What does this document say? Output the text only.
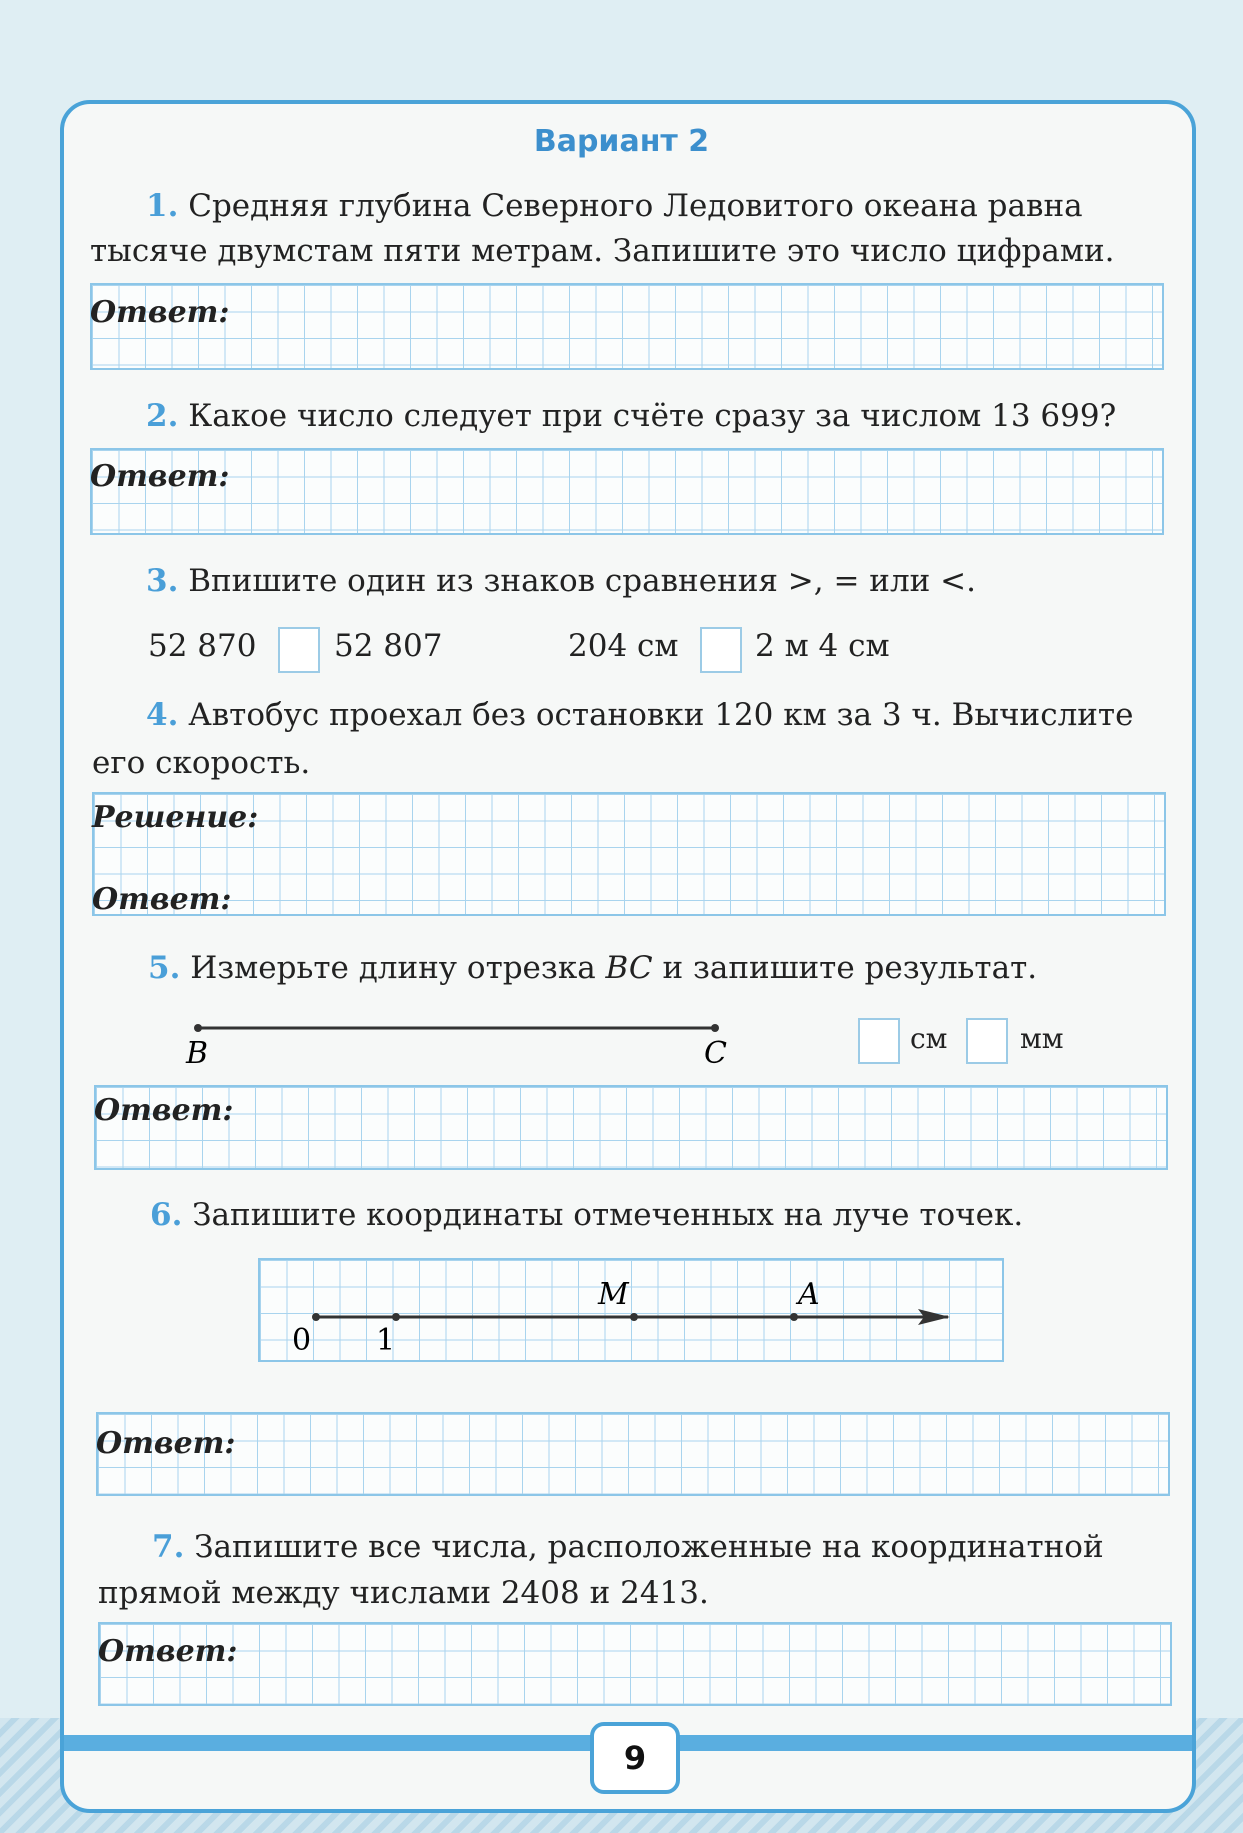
Вариант 2
1. Средняя глубина Северного Ледовитого океана равна
тысяче двумстам пяти метрам. Запишите это число цифрами.
Ответ:
2. Какое число следует при счёте сразу за числом 13 699?
Ответ:
3. Впишите один из знаков сравнения >, = или <.
52 870	52 807	204 см 2 м 4 см
4. Автобус проехал без остановки 120 км за 3 ч. Вычислите
его скорость.
Решение:
Ответ:
5. Измерьте длину отрезка BC и запишите результат.
B	C	см	мм
Ответ:
6. Запишите координаты отмеченных на луче точек.
0 1
M	A
Ответ:
7. Запишите все числа, расположенные на координатной
прямой между числами 2408 и 2413.
Ответ:
9
